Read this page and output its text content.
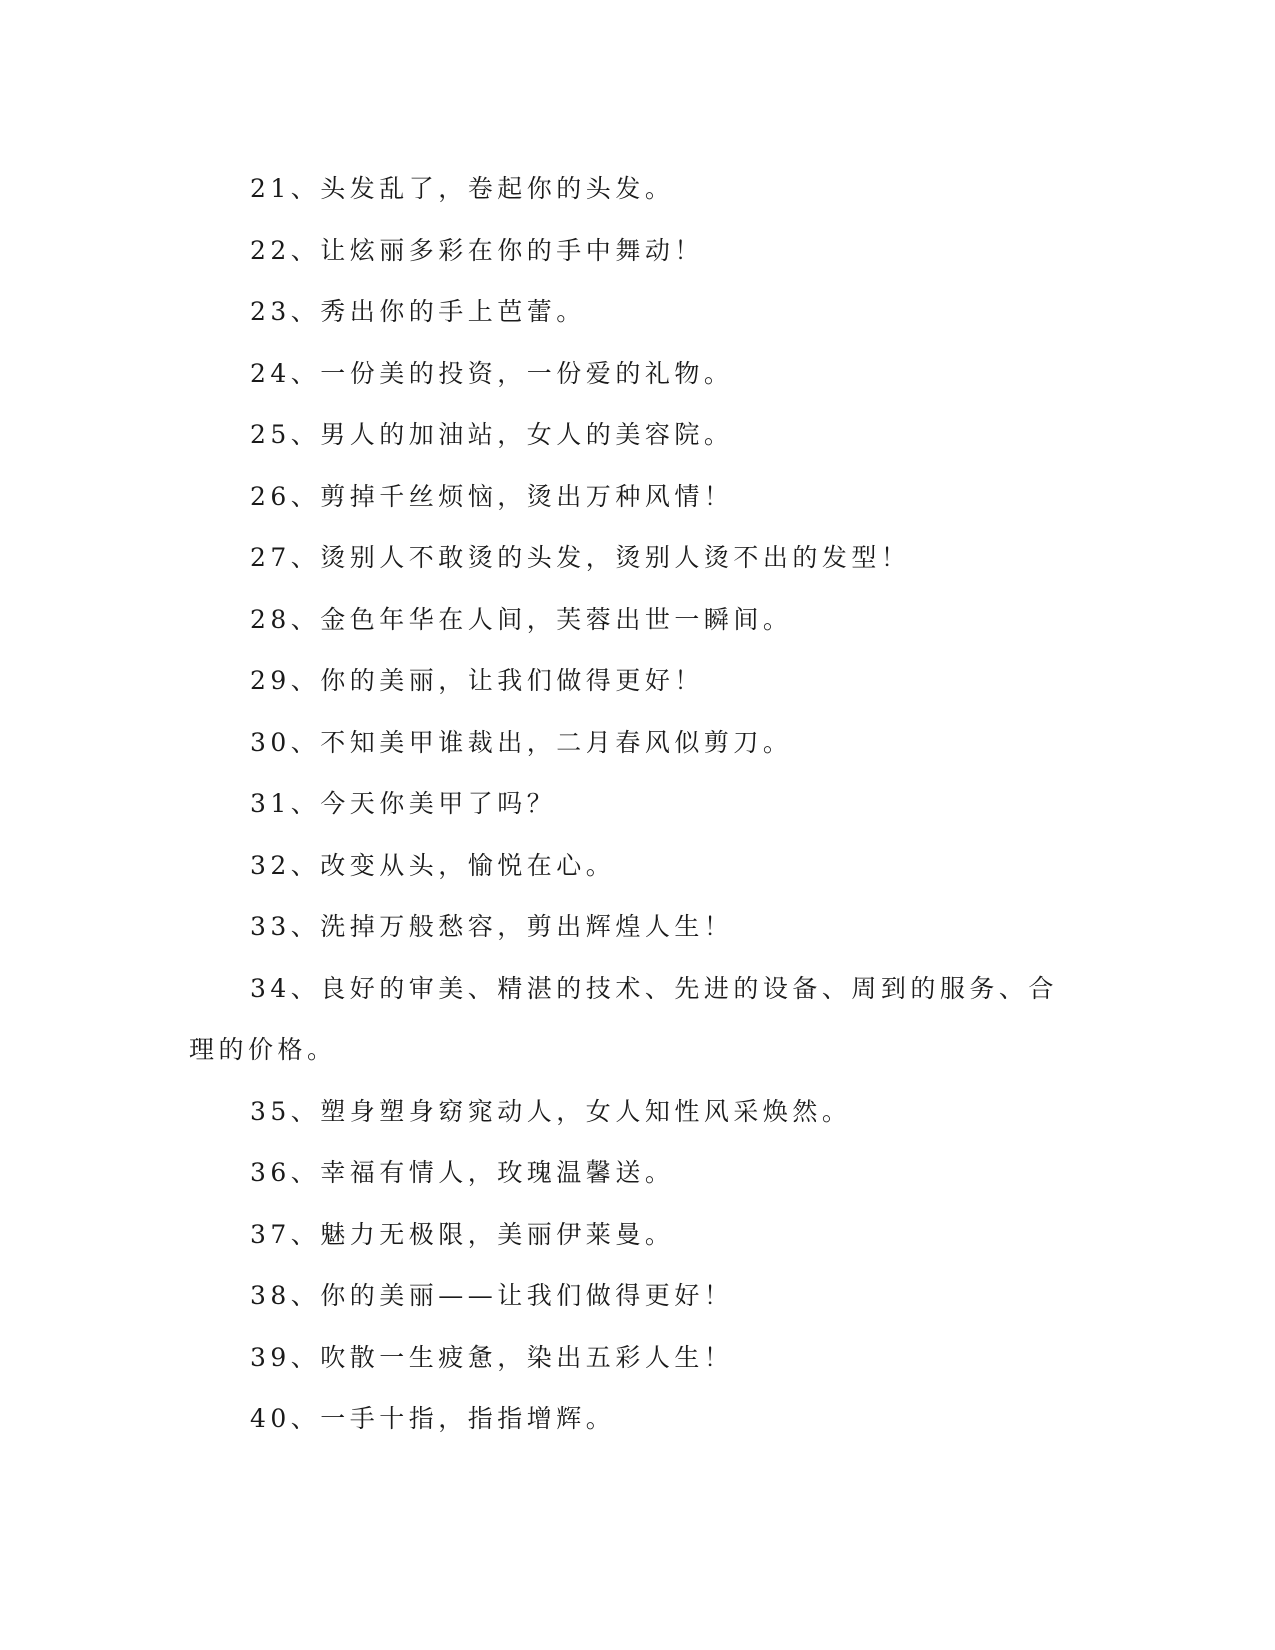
21、头发乱了，卷起你的头发。

22、让炫丽多彩在你的手中舞动！

23、秀出你的手上芭蕾。

24、一份美的投资，一份爱的礼物。

25、男人的加油站，女人的美容院。

26、剪掉千丝烦恼，烫出万种风情！

27、烫别人不敢烫的头发，烫别人烫不出的发型！

28、金色年华在人间，芙蓉出世一瞬间。

29、你的美丽，让我们做得更好！

30、不知美甲谁裁出，二月春风似剪刀。

31、今天你美甲了吗？

32、改变从头，愉悦在心。

33、洗掉万般愁容，剪出辉煌人生！

34、良好的审美、精湛的技术、先进的设备、周到的服务、合理的价格。

35、塑身塑身窈窕动人，女人知性风采焕然。

36、幸福有情人，玫瑰温馨送。

37、魅力无极限，美丽伊莱曼。

38、你的美丽——让我们做得更好！

39、吹散一生疲惫，染出五彩人生！

40、一手十指，指指增辉。
